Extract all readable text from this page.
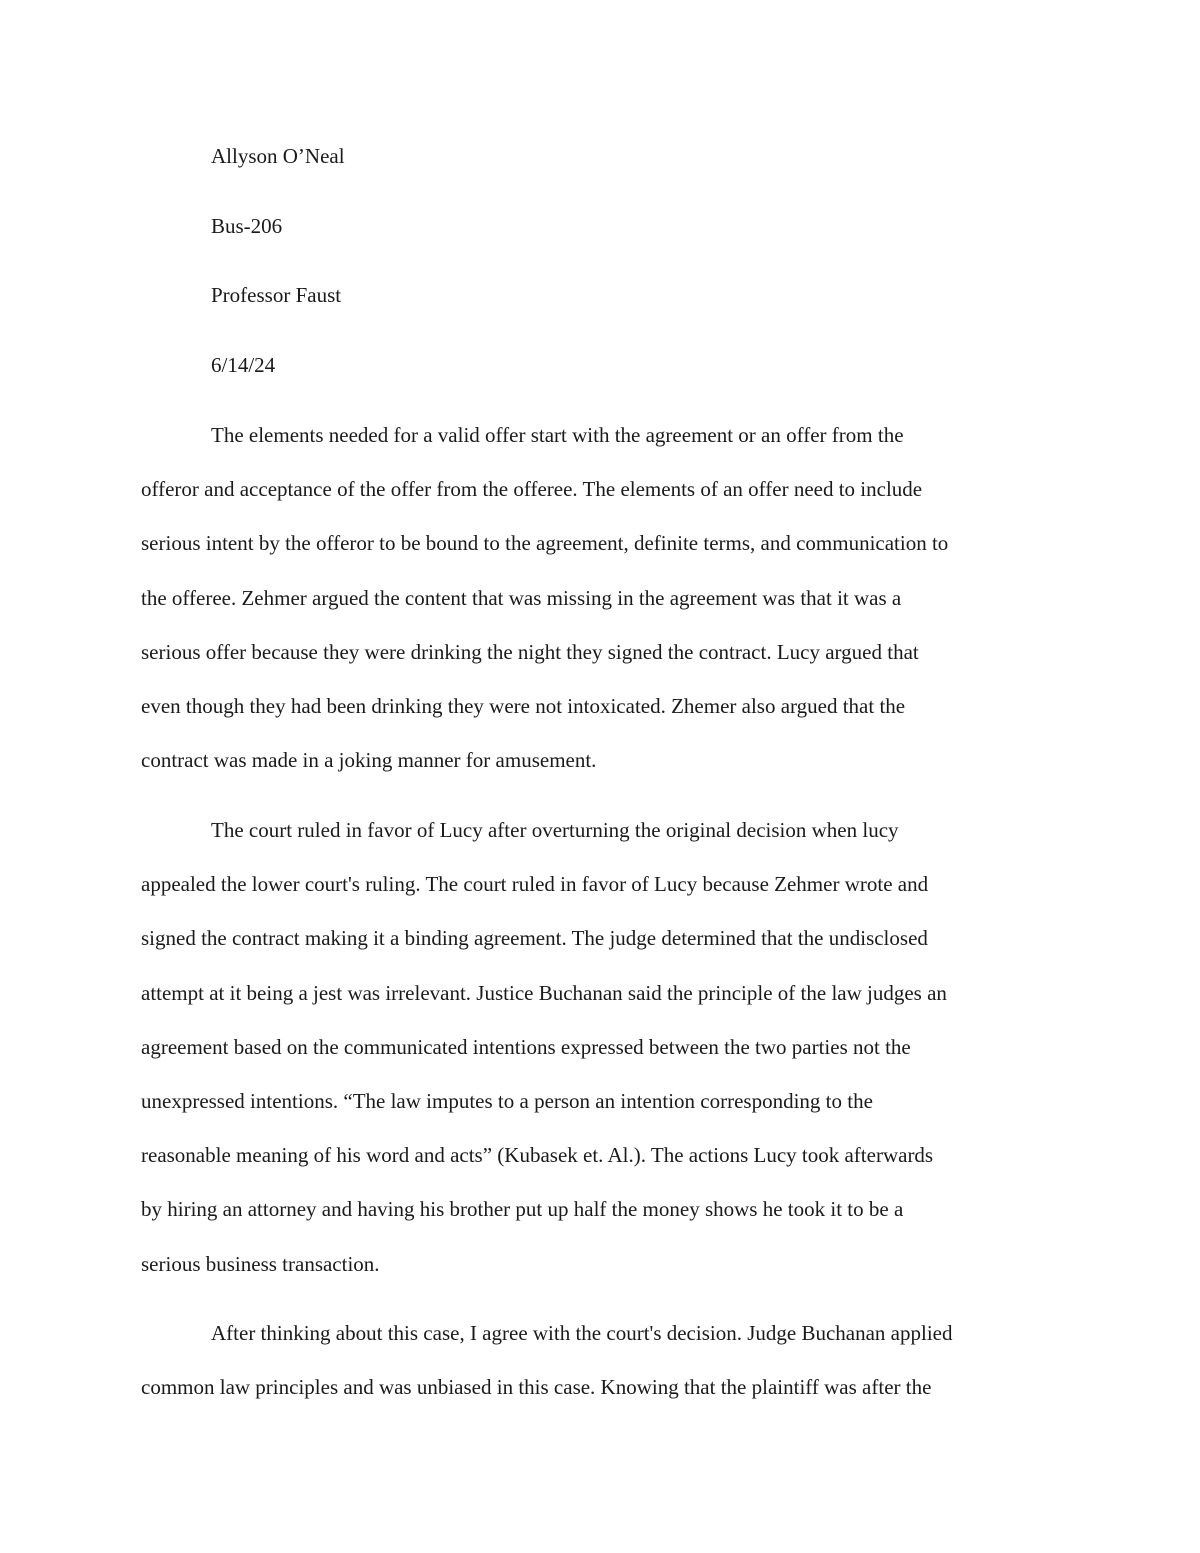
Allyson O’Neal
Bus-206
Professor Faust
6/14/24
The elements needed for a valid offer start with the agreement or an offer from the
offeror and acceptance of the offer from the offeree. The elements of an offer need to include
serious intent by the offeror to be bound to the agreement, definite terms, and communication to
the offeree. Zehmer argued the content that was missing in the agreement was that it was a
serious offer because they were drinking the night they signed the contract. Lucy argued that
even though they had been drinking they were not intoxicated. Zhemer also argued that the
contract was made in a joking manner for amusement.
The court ruled in favor of Lucy after overturning the original decision when lucy
appealed the lower court's ruling. The court ruled in favor of Lucy because Zehmer wrote and
signed the contract making it a binding agreement. The judge determined that the undisclosed
attempt at it being a jest was irrelevant. Justice Buchanan said the principle of the law judges an
agreement based on the communicated intentions expressed between the two parties not the
unexpressed intentions. “The law imputes to a person an intention corresponding to the
reasonable meaning of his word and acts” (Kubasek et. Al.). The actions Lucy took afterwards
by hiring an attorney and having his brother put up half the money shows he took it to be a
serious business transaction.
After thinking about this case, I agree with the court's decision. Judge Buchanan applied
common law principles and was unbiased in this case. Knowing that the plaintiff was after the
